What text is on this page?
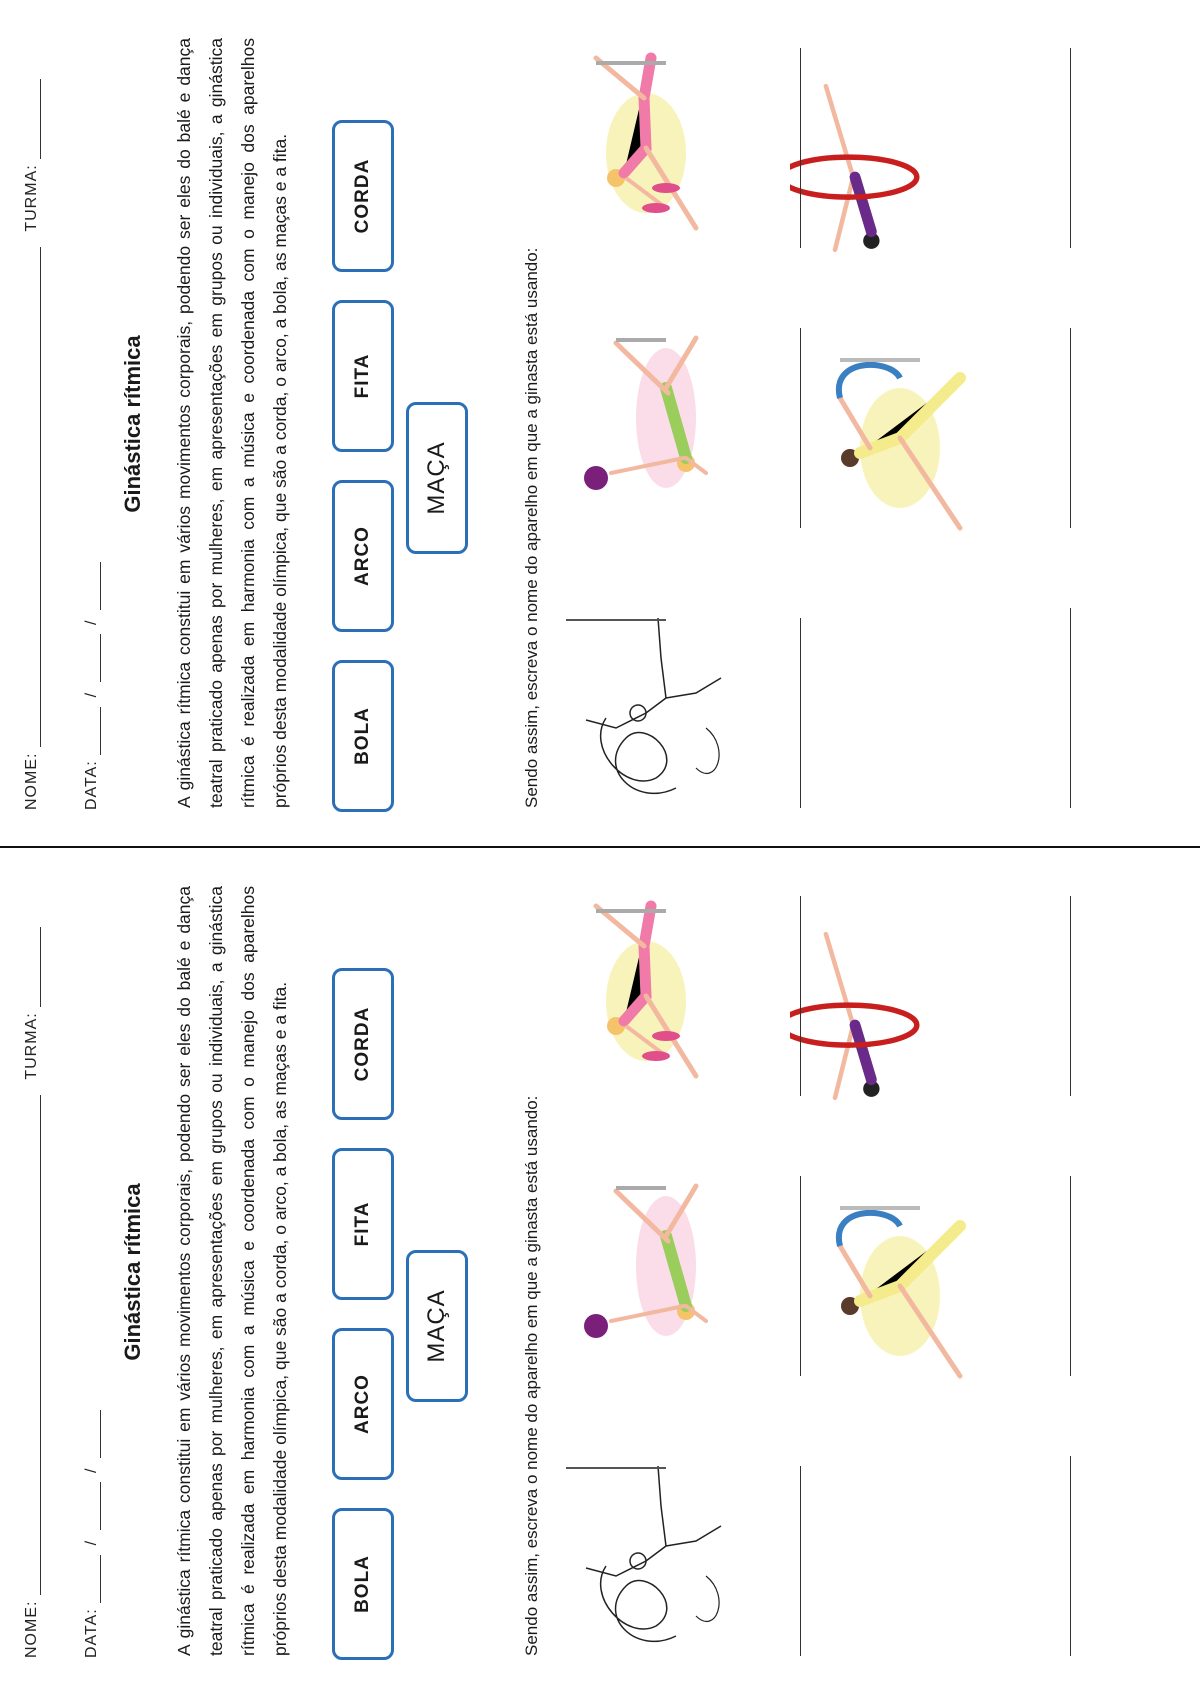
NOME:  TURMA:
DATA:  /  /
Ginástica rítmica	A ginástica rítmica constitui em vários movimentos corporais, podendo ser eles do balé e dança teatral praticado apenas por mulheres, em apresentações em grupos ou individuais, a ginástica rítmica é realizada em harmonia com a música e coordenada com o manejo dos aparelhos próprios desta modalidade olímpica, que são a corda, o arco, a bola, as maças e a fita.	BOLA
ARCO
FITA
CORDA
MAÇA	Sendo assim, escreva o nome do aparelho em que a ginasta está usando:
NOME:  TURMA:
DATA:  /  /
Ginástica rítmica	A ginástica rítmica constitui em vários movimentos corporais, podendo ser eles do balé e dança teatral praticado apenas por mulheres, em apresentações em grupos ou individuais, a ginástica rítmica é realizada em harmonia com a música e coordenada com o manejo dos aparelhos próprios desta modalidade olímpica, que são a corda, o arco, a bola, as maças e a fita.	BOLA
ARCO
FITA
CORDA
MAÇA	Sendo assim, escreva o nome do aparelho em que a ginasta está usando:
